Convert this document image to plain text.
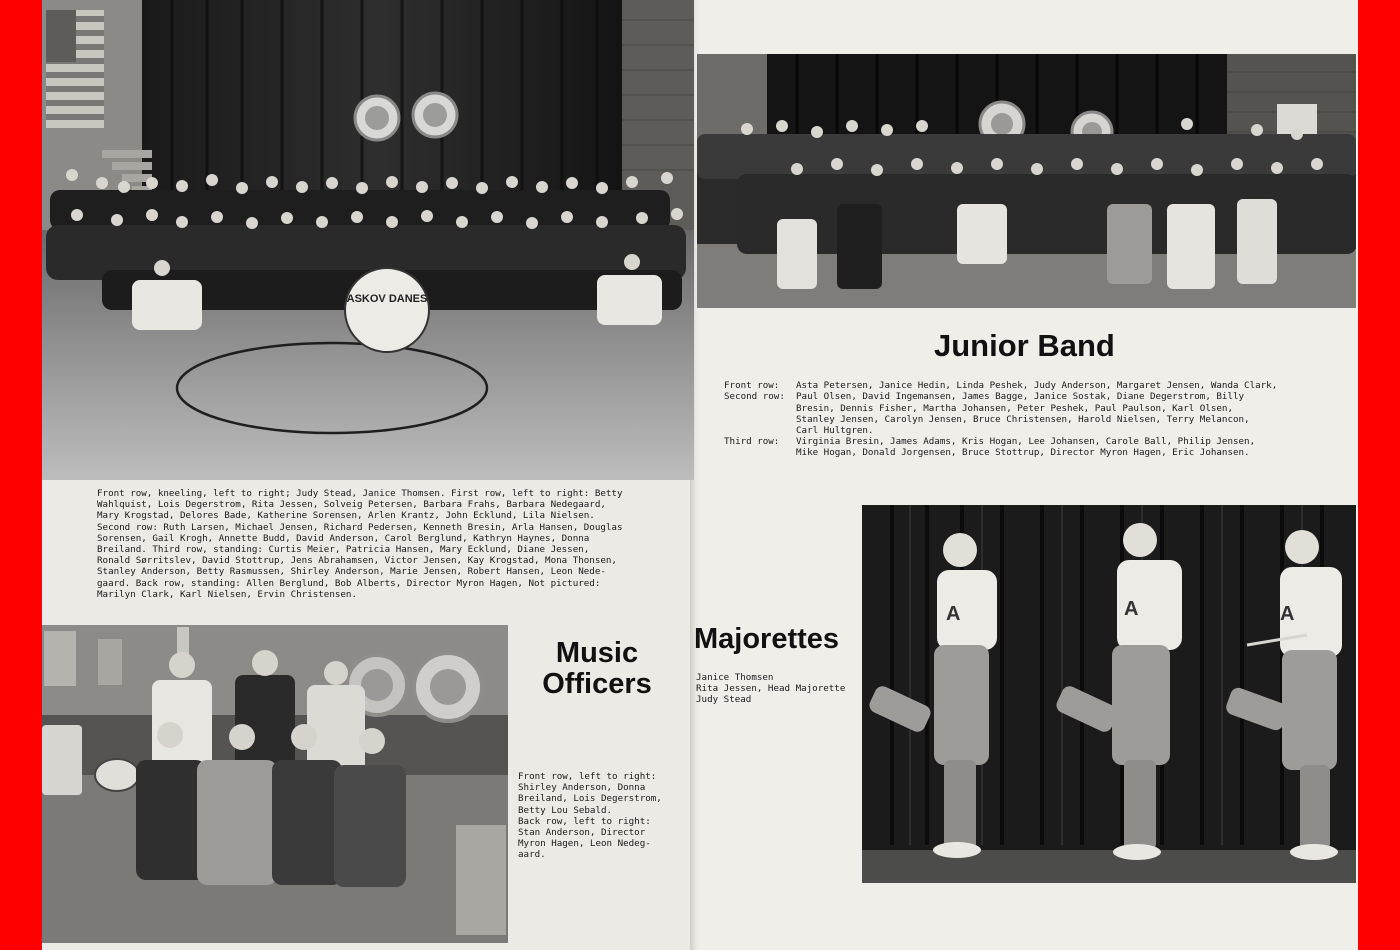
ASKOV DANES
Front row, kneeling, left to right; Judy Stead, Janice Thomsen. First row, left to right: Betty
Wahlquist, Lois Degerstrom, Rita Jessen, Solveig Petersen, Barbara Frahs, Barbara Nedegaard,
Mary Krogstad, Delores Bade, Katherine Sorensen, Arlen Krantz, John Ecklund, Lila Nielsen.
Second row: Ruth Larsen, Michael Jensen, Richard Pedersen, Kenneth Bresin, Arla Hansen, Douglas
Sorensen, Gail Krogh, Annette Budd, David Anderson, Carol Berglund, Kathryn Haynes, Donna
Breiland. Third row, standing: Curtis Meier, Patricia Hansen, Mary Ecklund, Diane Jessen,
Ronald Sørritslev, David Stottrup, Jens Abrahamsen, Victor Jensen, Kay Krogstad, Mona Thonsen,
Stanley Anderson, Betty Rasmussen, Shirley Anderson, Marie Jensen, Robert Hansen, Leon Nede-
gaard. Back row, standing: Allen Berglund, Bob Alberts, Director Myron Hagen, Not pictured:
Marilyn Clark, Karl Nielsen, Ervin Christensen.
Music
Officers
Front row, left to right:
Shirley Anderson, Donna
Breiland, Lois Degerstrom,
Betty Lou Sebald.
Back row, left to right:
Stan Anderson, Director
Myron Hagen, Leon Nedeg-
aard.
Junior Band
Front row:	Asta Petersen, Janice Hedin, Linda Peshek, Judy Anderson, Margaret Jensen, Wanda Clark,
Second row:	Paul Olsen, David Ingemansen, James Bagge, Janice Sostak, Diane Degerstrom, Billy
Bresin, Dennis Fisher, Martha Johansen, Peter Peshek, Paul Paulson, Karl Olsen,
Stanley Jensen, Carolyn Jensen, Bruce Christensen, Harold Nielsen, Terry Melancon,
Carl Hultgren.
Third row:	Virginia Bresin, James Adams, Kris Hogan, Lee Johansen, Carole Ball, Philip Jensen,
Mike Hogan, Donald Jorgensen, Bruce Stottrup, Director Myron Hagen, Eric Johansen.
Majorettes
Janice Thomsen
Rita Jessen, Head Majorette
Judy Stead
A	A	A
